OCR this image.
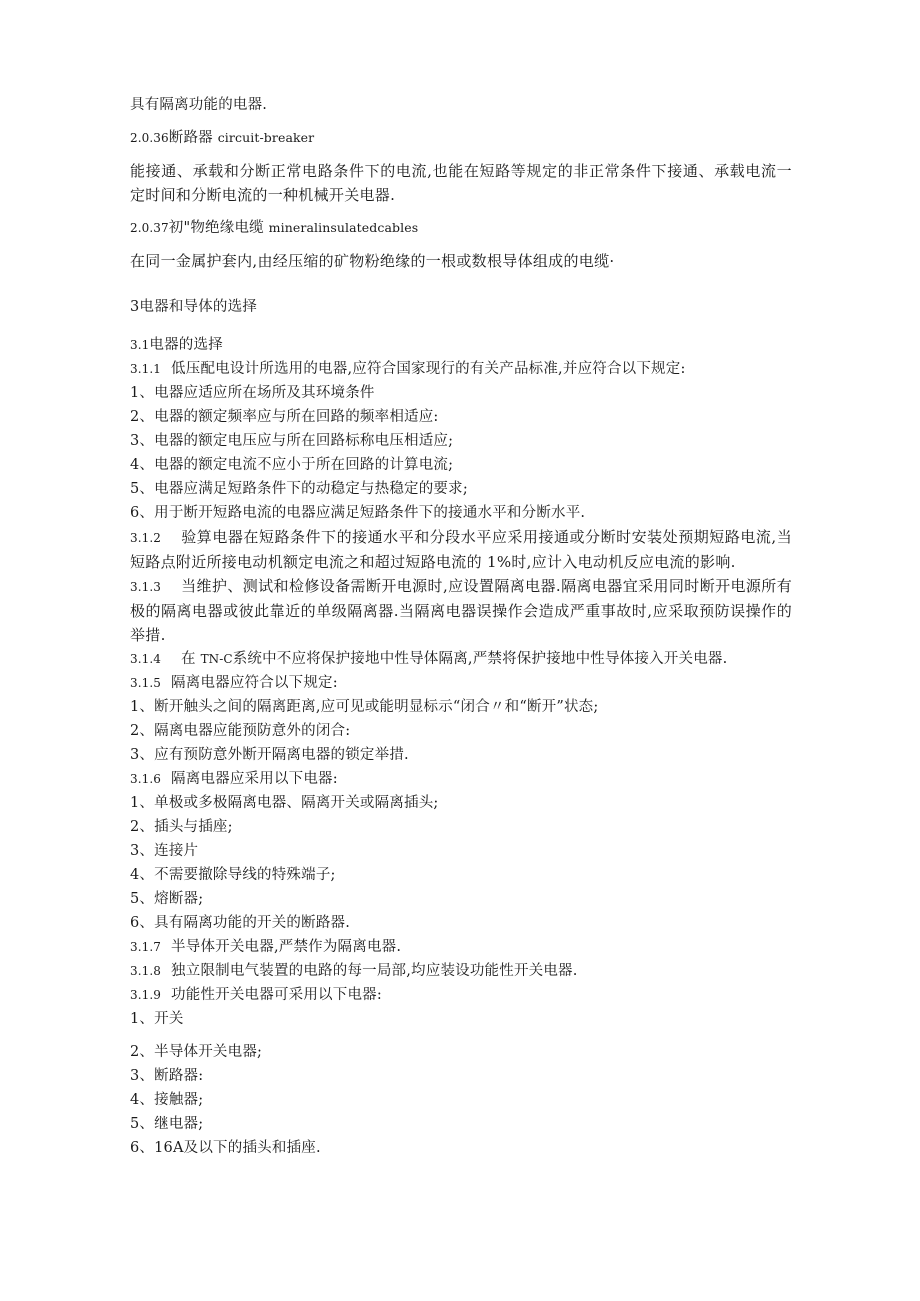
具有隔离功能的电器.
2.0.36断路器 circuit-breaker
能接通、承载和分断正常电路条件下的电流,也能在短路等规定的非正常条件下接通、承载电流一定时间和分断电流的一种机械开关电器.
2.0.37初"物绝缘电缆 mineralinsulatedcables
在同一金属护套内,由经压缩的矿物粉绝缘的一根或数根导体组成的电缆·
3电器和导体的选择
3.1电器的选择
3.1.1 低压配电设计所选用的电器,应符合国家现行的有关产品标准,并应符合以下规定:
1、电器应适应所在场所及其环境条件
2、电器的额定频率应与所在回路的频率相适应:
3、电器的额定电压应与所在回路标称电压相适应;
4、电器的额定电流不应小于所在回路的计算电流;
5、电器应满足短路条件下的动稳定与热稳定的要求;
6、用于断开短路电流的电器应满足短路条件下的接通水平和分断水平.
3.1.2 验算电器在短路条件下的接通水平和分段水平应采用接通或分断时安装处预期短路电流,当短路点附近所接电动机额定电流之和超过短路电流的 1%时,应计入电动机反应电流的影响.
3.1.3 当维护、测试和检修设备需断开电源时,应设置隔离电器.隔离电器宜采用同时断开电源所有极的隔离电器或彼此靠近的单级隔离器.当隔离电器误操作会造成严重事故时,应采取预防误操作的举措.
3.1.4 在 TN-C系统中不应将保护接地中性导体隔离,严禁将保护接地中性导体接入开关电器.
3.1.5 隔离电器应符合以下规定:
1、断开触头之间的隔离距离,应可见或能明显标示“闭合〃和“断开”状态;
2、隔离电器应能预防意外的闭合:
3、应有预防意外断开隔离电器的锁定举措.
3.1.6 隔离电器应采用以下电器:
1、单极或多极隔离电器、隔离开关或隔离插头;
2、插头与插座;
3、连接片
4、不需要撤除导线的特殊端子;
5、熔断器;
6、具有隔离功能的开关的断路器.
3.1.7 半导体开关电器,严禁作为隔离电器.
3.1.8 独立限制电气装置的电路的每一局部,均应装设功能性开关电器.
3.1.9 功能性开关电器可采用以下电器:
1、开关
2、半导体开关电器;
3、断路器:
4、接触器;
5、继电器;
6、16A及以下的插头和插座.
